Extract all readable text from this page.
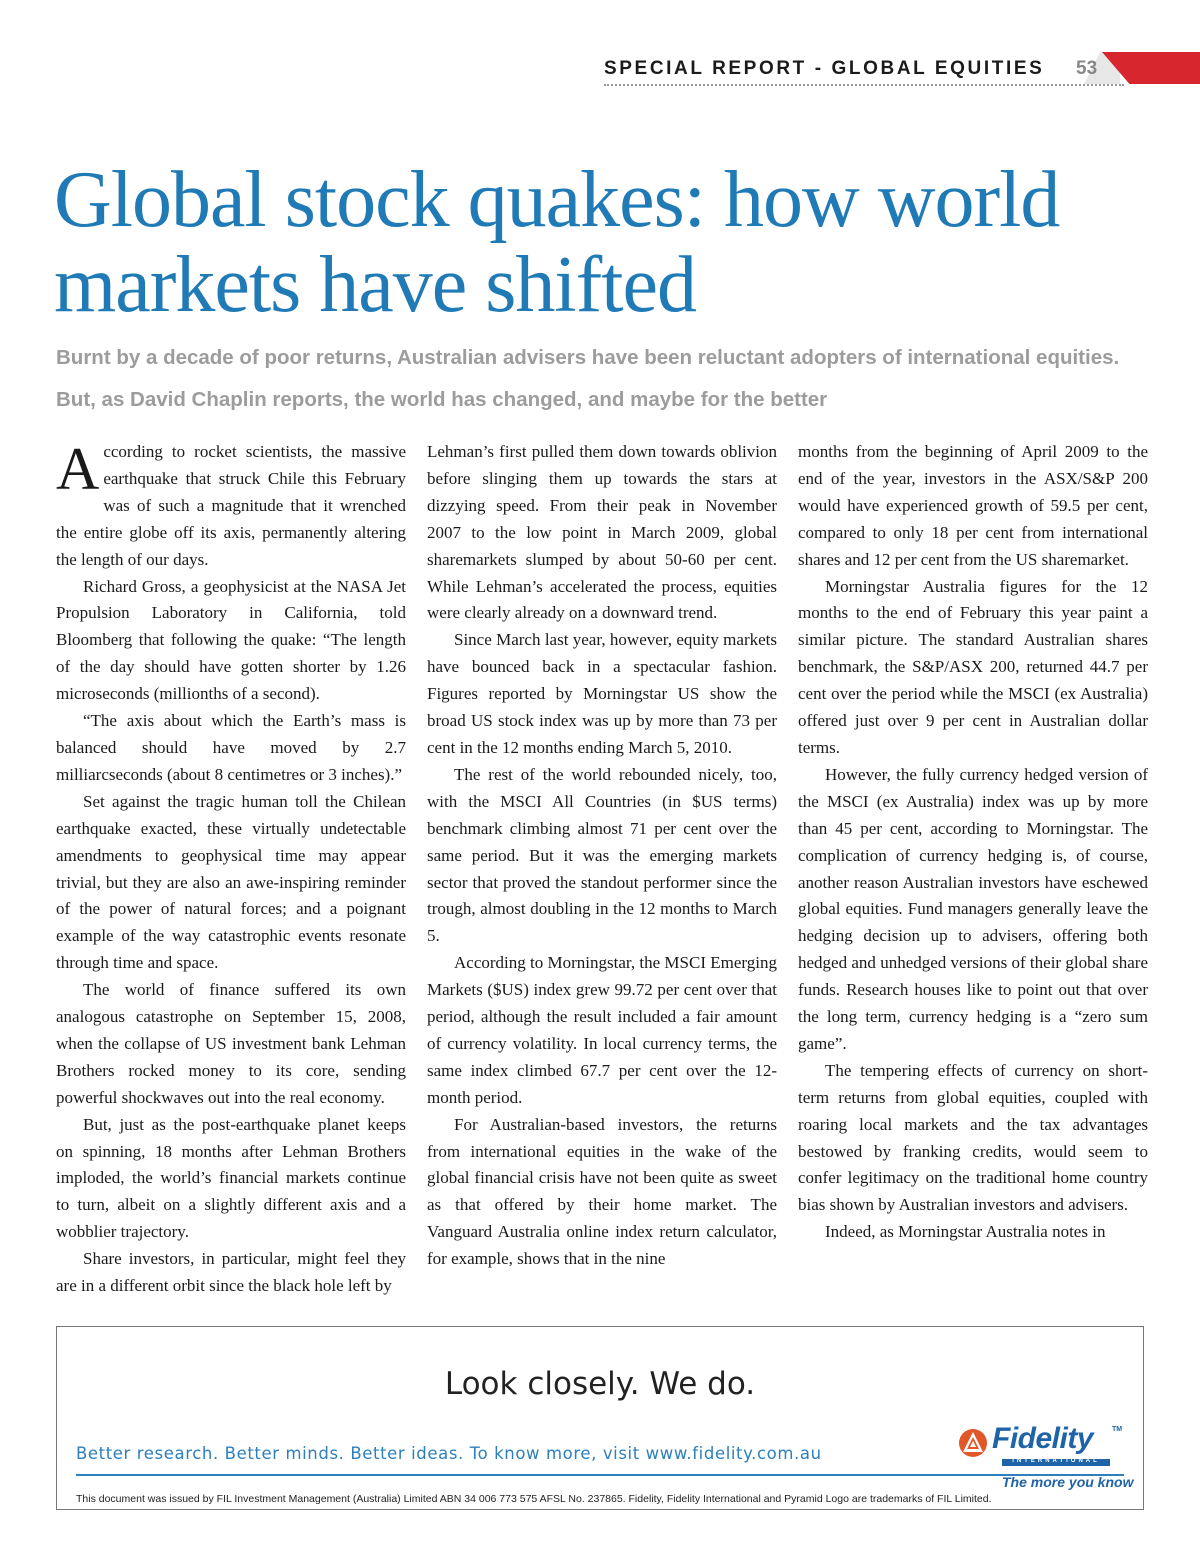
SPECIAL REPORT - GLOBAL EQUITIES 53
Global stock quakes: how world
markets have shifted
Burnt by a decade of poor returns, Australian advisers have been reluctant adopters of international equities.
But, as David Chaplin reports, the world has changed, and maybe for the better

According to rocket scientists, the massive earthquake that struck Chile this February was of such a magnitude that it wrenched the entire globe off its axis, permanently altering the length of our days.

Richard Gross, a geophysicist at the NASA Jet Propulsion Laboratory in California, told Bloomberg that following the quake: “The length of the day should have gotten shorter by 1.26 microseconds (millionths of a second).

“The axis about which the Earth’s mass is balanced should have moved by 2.7 milliarcseconds (about 8 centimetres or 3 inches).”

Set against the tragic human toll the Chilean earthquake exacted, these virtually undetectable amendments to geophysical time may appear trivial, but they are also an awe-inspiring reminder of the power of natural forces; and a poignant example of the way catastrophic events resonate through time and space.

The world of finance suffered its own analogous catastrophe on September 15, 2008, when the collapse of US investment bank Lehman Brothers rocked money to its core, sending powerful shockwaves out into the real economy.

But, just as the post-earthquake planet keeps on spinning, 18 months after Lehman Brothers imploded, the world’s financial markets continue to turn, albeit on a slightly different axis and a wobblier trajectory.

Share investors, in particular, might feel they are in a different orbit since the black hole left by

Lehman’s first pulled them down towards oblivion before slinging them up towards the stars at dizzying speed. From their peak in November 2007 to the low point in March 2009, global sharemarkets slumped by about 50-60 per cent. While Lehman’s accelerated the process, equities were clearly already on a downward trend.

Since March last year, however, equity markets have bounced back in a spectacular fashion. Figures reported by Morningstar US show the broad US stock index was up by more than 73 per cent in the 12 months ending March 5, 2010.

The rest of the world rebounded nicely, too, with the MSCI All Countries (in $US terms) benchmark climbing almost 71 per cent over the same period. But it was the emerging markets sector that proved the standout performer since the trough, almost doubling in the 12 months to March 5.

According to Morningstar, the MSCI Emerging Markets ($US) index grew 99.72 per cent over that period, although the result included a fair amount of currency volatility. In local currency terms, the same index climbed 67.7 per cent over the 12-month period.

For Australian-based investors, the returns from international equities in the wake of the global financial crisis have not been quite as sweet as that offered by their home market. The Vanguard Australia online index return calculator, for example, shows that in the nine

months from the beginning of April 2009 to the end of the year, investors in the ASX/S&P 200 would have experienced growth of 59.5 per cent, compared to only 18 per cent from international shares and 12 per cent from the US sharemarket.

Morningstar Australia figures for the 12 months to the end of February this year paint a similar picture. The standard Australian shares benchmark, the S&P/ASX 200, returned 44.7 per cent over the period while the MSCI (ex Australia) offered just over 9 per cent in Australian dollar terms.

However, the fully currency hedged version of the MSCI (ex Australia) index was up by more than 45 per cent, according to Morningstar. The complication of currency hedging is, of course, another reason Australian investors have eschewed global equities. Fund managers generally leave the hedging decision up to advisers, offering both hedged and unhedged versions of their global share funds. Research houses like to point out that over the long term, currency hedging is a “zero sum game”.

The tempering effects of currency on short-term returns from global equities, coupled with roaring local markets and the tax advantages bestowed by franking credits, would seem to confer legitimacy on the traditional home country bias shown by Australian investors and advisers.

Indeed, as Morningstar Australia notes in

Look closely. We do.
Better research. Better minds. Better ideas. To know more, visit www.fidelity.com.au
This document was issued by FIL Investment Management (Australia) Limited ABN 34 006 773 575 AFSL No. 237865. Fidelity, Fidelity International and Pyramid Logo are trademarks of FIL Limited.
Fidelity	TM
INTERNATIONAL
The more you know
